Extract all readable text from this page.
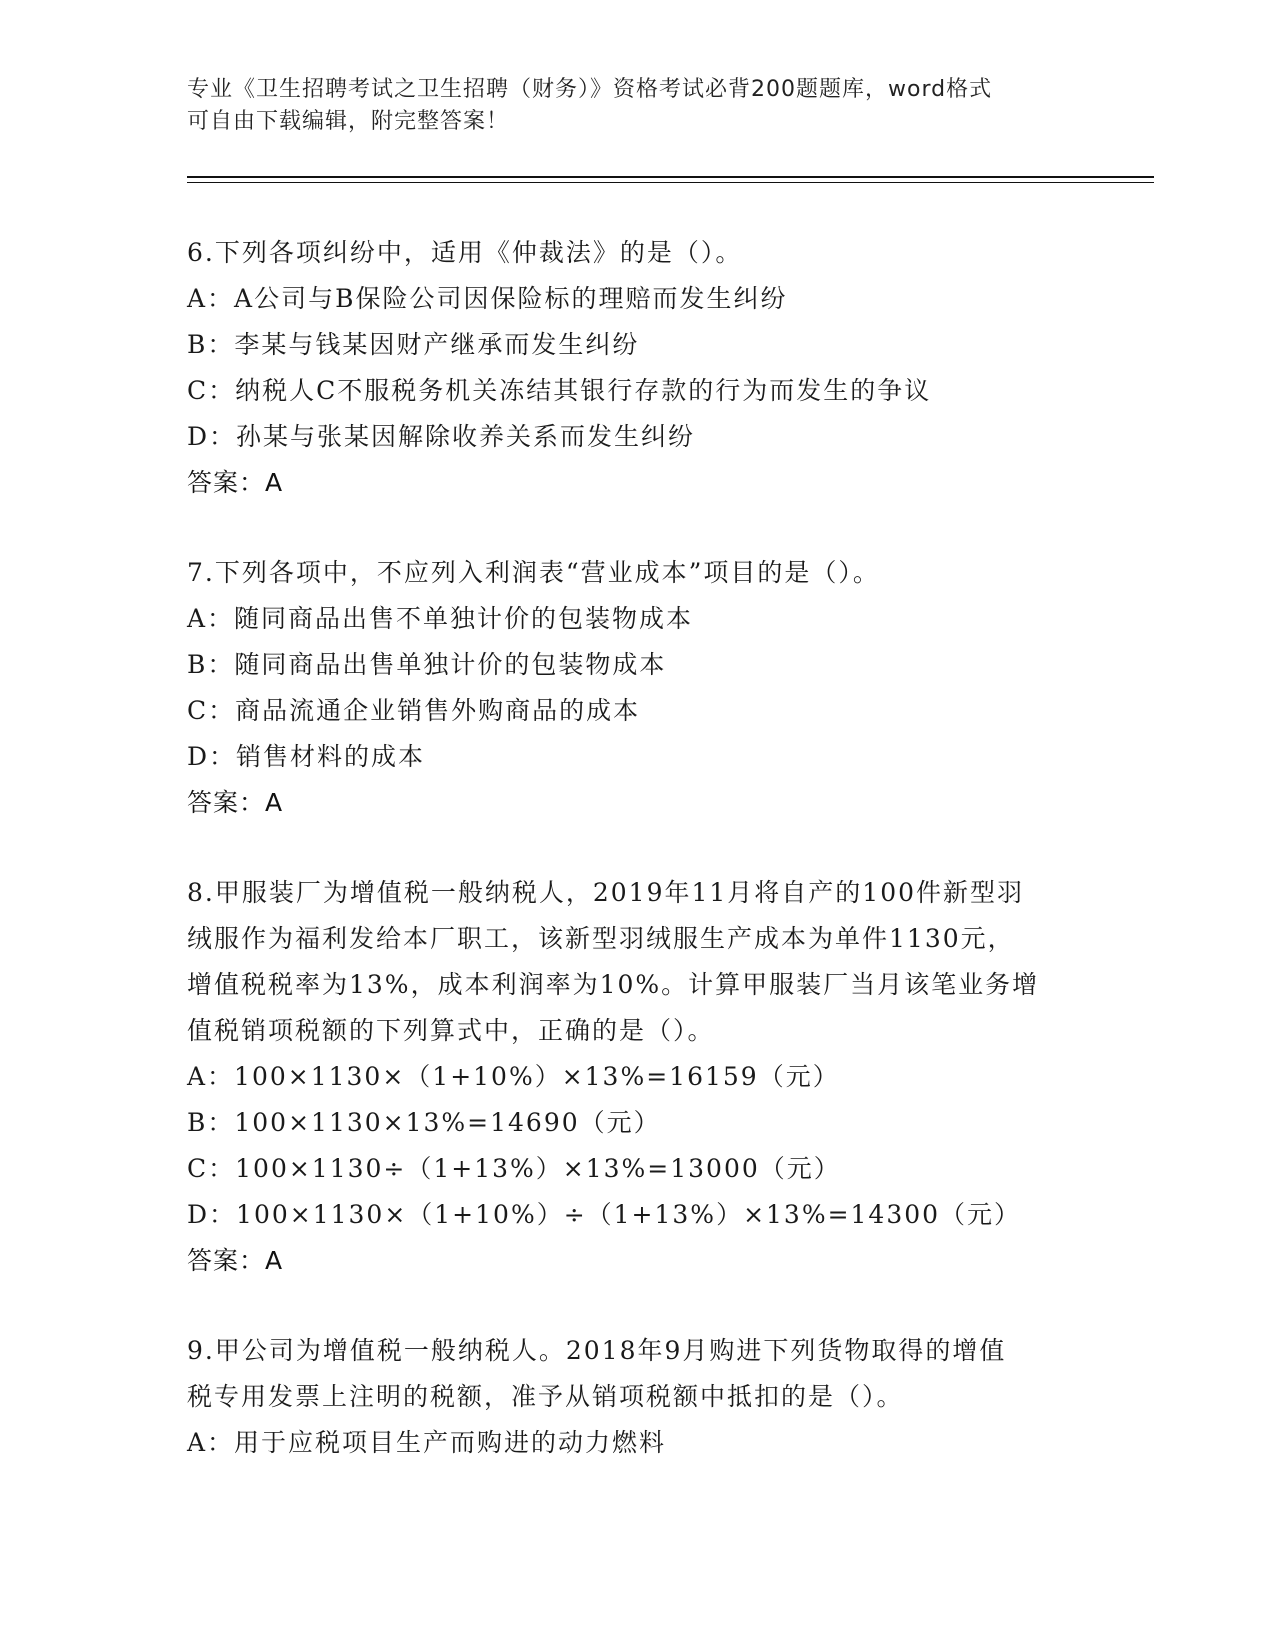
专业《卫生招聘考试之卫生招聘（财务）》资格考试必背200题题库，word格式
可自由下载编辑，附完整答案！
6.下列各项纠纷中，适用《仲裁法》的是（）。
A：A公司与B保险公司因保险标的理赔而发生纠纷
B：李某与钱某因财产继承而发生纠纷
C：纳税人C不服税务机关冻结其银行存款的行为而发生的争议
D：孙某与张某因解除收养关系而发生纠纷
答案：A
7.下列各项中，不应列入利润表“营业成本”项目的是（）。
A：随同商品出售不单独计价的包装物成本
B：随同商品出售单独计价的包装物成本
C：商品流通企业销售外购商品的成本
D：销售材料的成本
答案：A
8.甲服装厂为增值税一般纳税人，2019年11月将自产的100件新型羽
绒服作为福利发给本厂职工，该新型羽绒服生产成本为单件1130元，
增值税税率为13%，成本利润率为10%。计算甲服装厂当月该笔业务增
值税销项税额的下列算式中，正确的是（）。
A：100×1130×（1+10%）×13%=16159（元）
B：100×1130×13%=14690（元）
C：100×1130÷（1+13%）×13%=13000（元）
D：100×1130×（1+10%）÷（1+13%）×13%=14300（元）
答案：A
9.甲公司为增值税一般纳税人。2018年9月购进下列货物取得的增值
税专用发票上注明的税额，准予从销项税额中抵扣的是（）。
A：用于应税项目生产而购进的动力燃料
